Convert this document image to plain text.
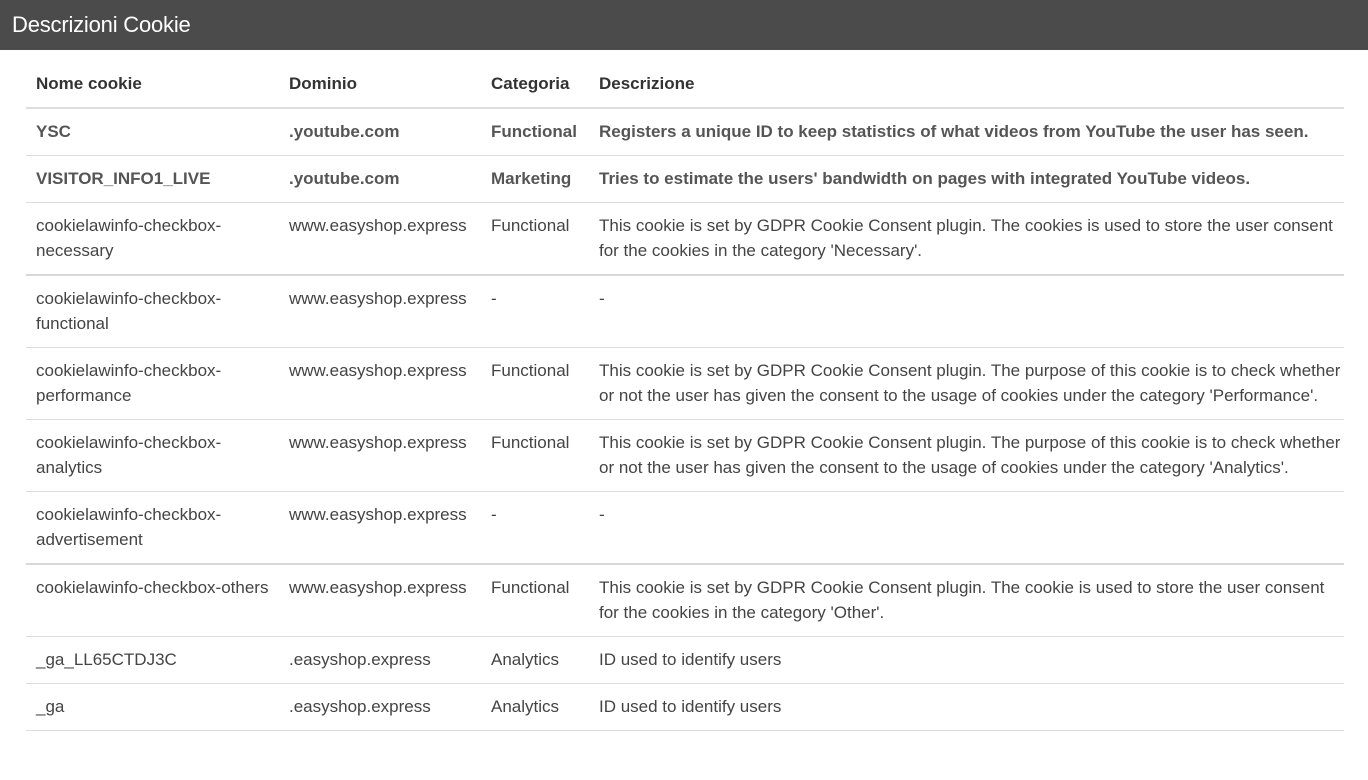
Descrizioni Cookie
Nome cookie	Dominio	Categoria	Descrizione
YSC	.youtube.com	Functional	Registers a unique ID to keep statistics of what videos from YouTube the user has seen.
VISITOR_INFO1_LIVE	.youtube.com	Marketing	Tries to estimate the users' bandwidth on pages with integrated YouTube videos.
cookielawinfo-checkbox-necessary	www.easyshop.express	Functional	This cookie is set by GDPR Cookie Consent plugin. The cookies is used to store the user consent for the cookies in the category 'Necessary'.
cookielawinfo-checkbox-functional	www.easyshop.express	-	-
cookielawinfo-checkbox-performance	www.easyshop.express	Functional	This cookie is set by GDPR Cookie Consent plugin. The purpose of this cookie is to check whether or not the user has given the consent to the usage of cookies under the category 'Performance'.
cookielawinfo-checkbox-analytics	www.easyshop.express	Functional	This cookie is set by GDPR Cookie Consent plugin. The purpose of this cookie is to check whether or not the user has given the consent to the usage of cookies under the category 'Analytics'.
cookielawinfo-checkbox-advertisement	www.easyshop.express	-	-
cookielawinfo-checkbox-others	www.easyshop.express	Functional	This cookie is set by GDPR Cookie Consent plugin. The cookie is used to store the user consent for the cookies in the category 'Other'.
_ga_LL65CTDJ3C	.easyshop.express	Analytics	ID used to identify users
_ga	.easyshop.express	Analytics	ID used to identify users
